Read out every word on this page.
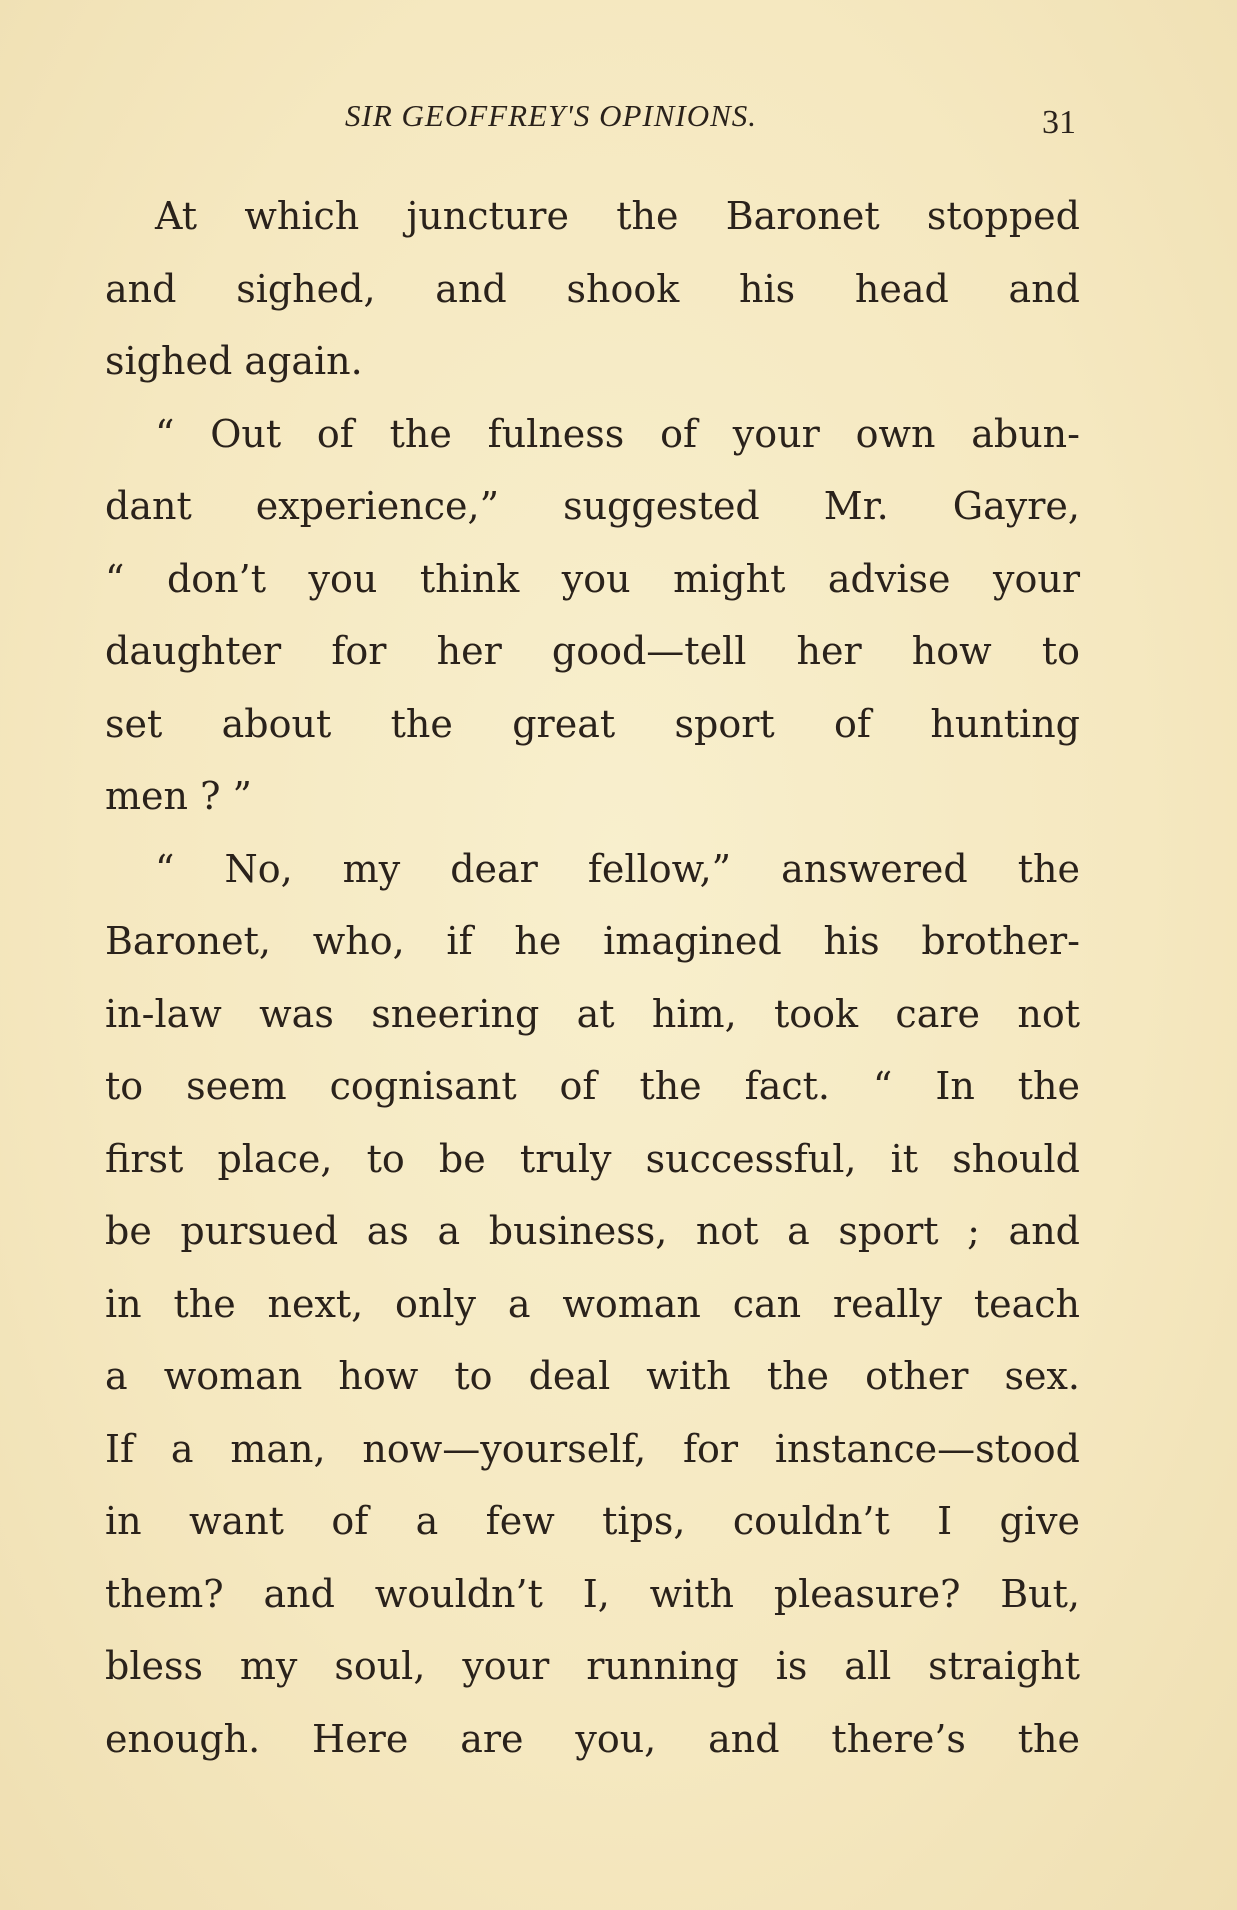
SIR GEOFFREY'S OPINIONS.	31
At which juncture the Baronet stopped
and sighed, and shook his head and
sighed again.
“ Out of the fulness of your own abun-
dant experience,” suggested Mr. Gayre,
“ don’t you think you might advise your
daughter for her good—tell her how to
set about the great sport of hunting
men ? ”
“ No, my dear fellow,” answered the
Baronet, who, if he imagined his brother-
in-law was sneering at him, took care not
to seem cognisant of the fact. “ In the
first place, to be truly successful, it should
be pursued as a business, not a sport ; and
in the next, only a woman can really teach
a woman how to deal with the other sex.
If a man, now—yourself, for instance—stood
in want of a few tips, couldn’t I give
them? and wouldn’t I, with pleasure? But,
bless my soul, your running is all straight
enough. Here are you, and there’s the
